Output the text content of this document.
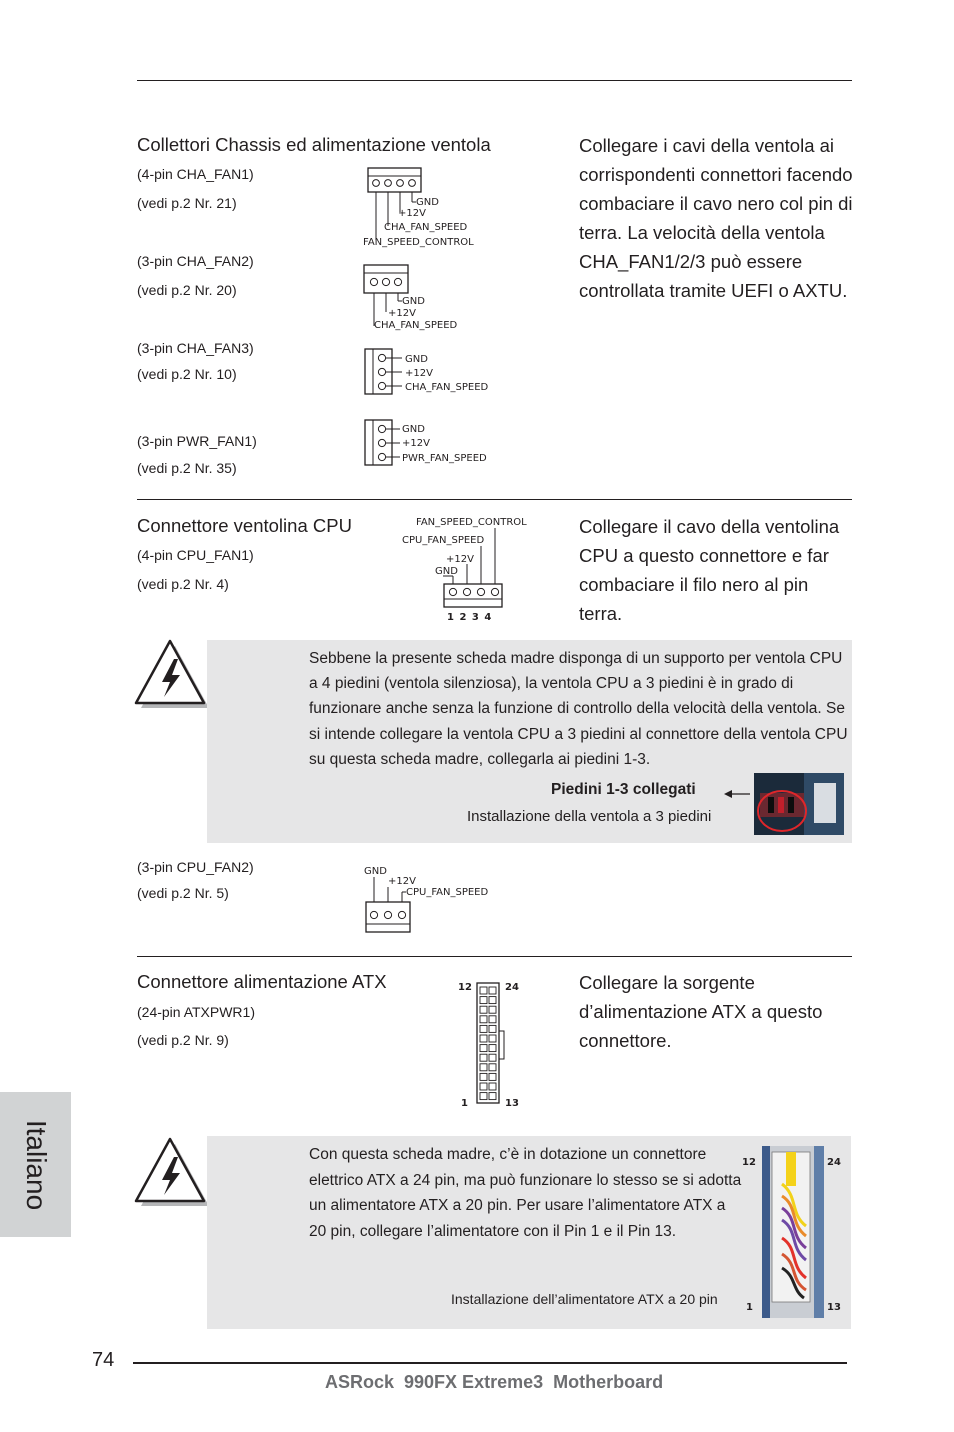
Collettori Chassis ed alimentazione ventola
(4-pin CHA_FAN1)
(vedi p.2 Nr. 21)
(3-pin CHA_FAN2)
(vedi p.2 Nr. 20)
(3-pin CHA_FAN3)
(vedi p.2 Nr. 10)
(3-pin PWR_FAN1)
(vedi p.2 Nr. 35)
GND
+12V
CHA_FAN_SPEED
FAN_SPEED_CONTROL
GND
+12V
CHA_FAN_SPEED
GND
+12V
CHA_FAN_SPEED
GND
+12V
PWR_FAN_SPEED
Collegare i cavi della ventola ai corrispondenti connettori facendo combaciare il cavo nero col pin di terra. La velocità della ventola CHA_FAN1/2/3 può essere controllata tramite UEFI o AXTU.
Connettore ventolina CPU
(4-pin CPU_FAN1)
(vedi p.2 Nr. 4)
FAN_SPEED_CONTROL
CPU_FAN_SPEED
+12V
GND
1 2 3 4
Collegare il cavo della ventolina CPU a questo connettore e far combaciare il filo nero al pin terra.
Sebbene la presente scheda madre disponga di un supporto per ventola CPU a 4 piedini (ventola silenziosa), la ventola CPU a 3 piedini è in grado di funzionare anche senza la funzione di controllo della velocità della ventola. Se si intende collegare la ventola CPU a 3 piedini al connettore della ventola CPU su questa scheda madre, collegarla ai piedini 1-3.
Piedini 1-3 collegati
Installazione della ventola a 3 piedini
(3-pin CPU_FAN2)
(vedi p.2 Nr. 5)
GND
+12V
CPU_FAN_SPEED
Connettore alimentazione ATX
(24-pin ATXPWR1)
(vedi p.2 Nr. 9)
12	24
1	13
Collegare la sorgente d’alimentazione ATX a questo connettore.
Con questa scheda madre, c’è in dotazione un connettore elettrico ATX a 24 pin, ma può funzionare lo stesso se si adotta un alimentatore ATX a 20 pin. Per usare l’alimentatore ATX a 20 pin, collegare l’alimentatore con il Pin 1 e il Pin 13.
Installazione dell’alimentatore ATX a 20 pin
12	24
1	13
Italiano
74
ASRock  990FX Extreme3  Motherboard
